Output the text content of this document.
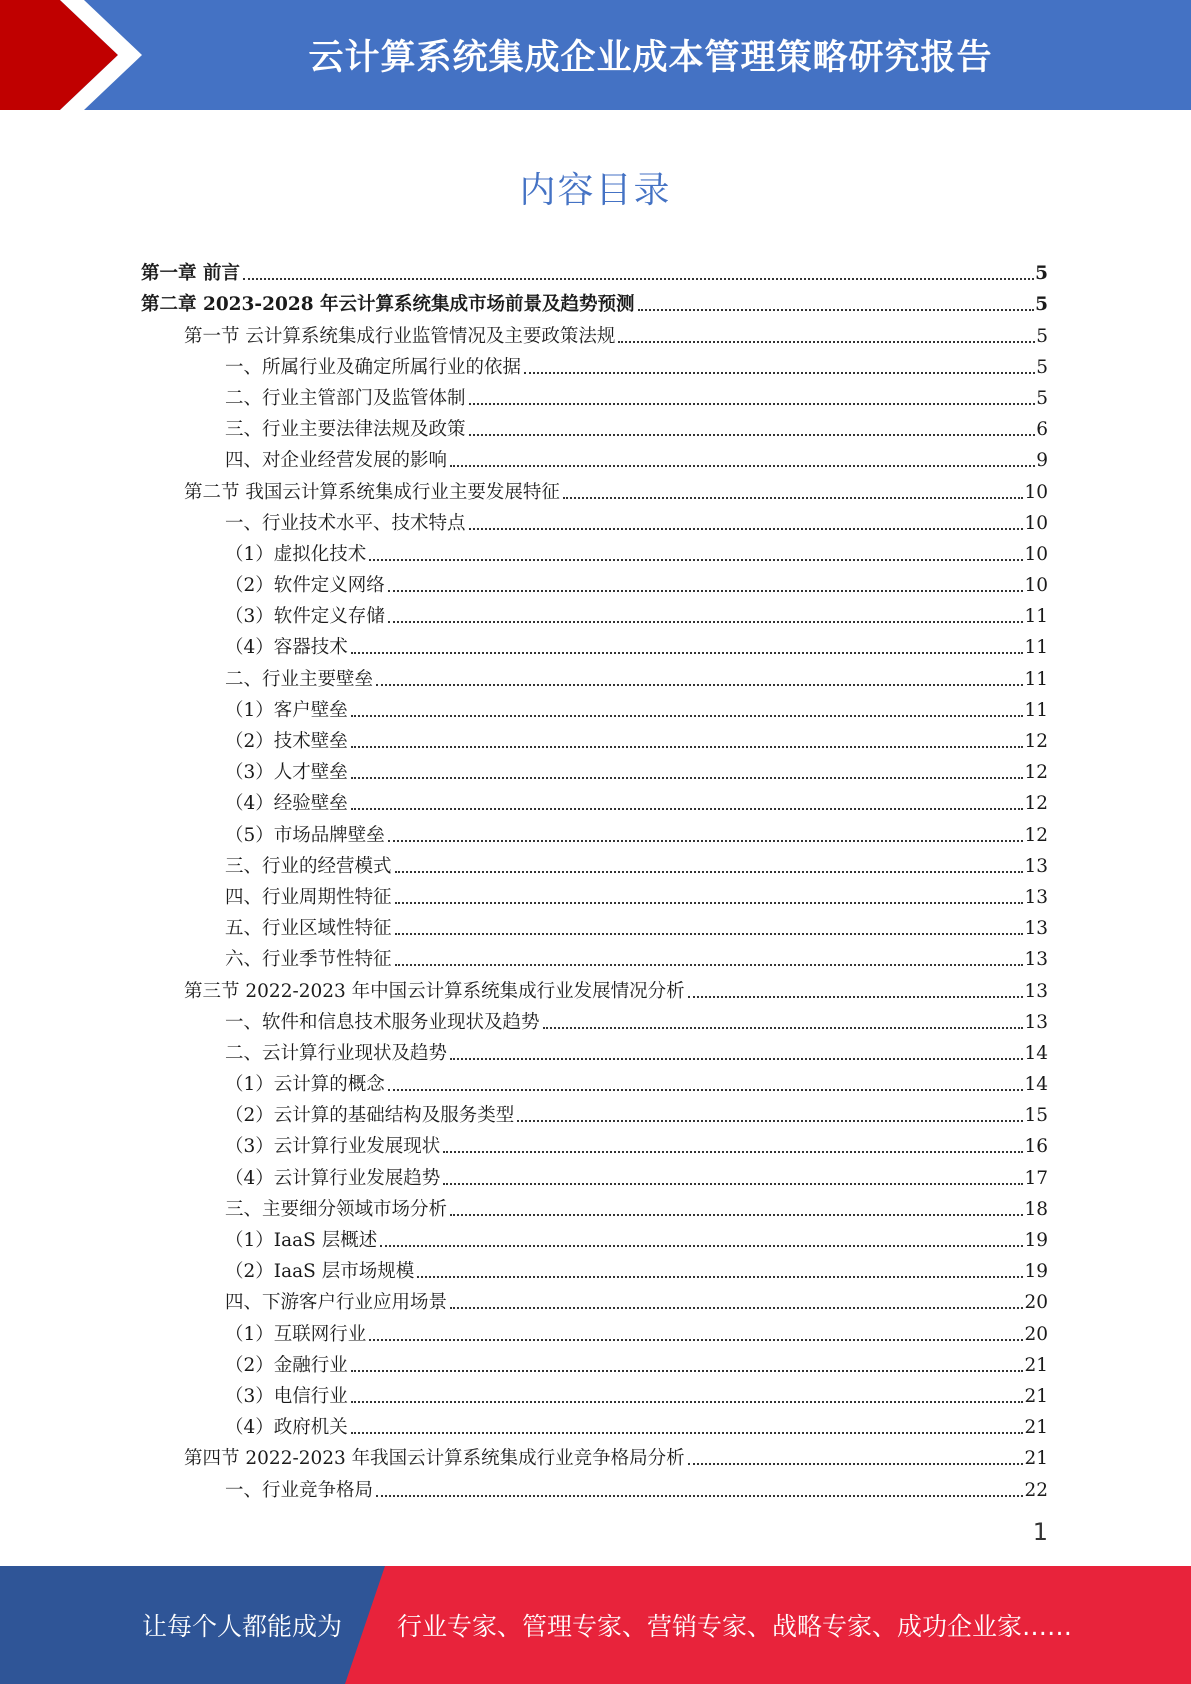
云计算系统集成企业成本管理策略研究报告
内容目录
第一章 前言	5
第二章 2023-2028 年云计算系统集成市场前景及趋势预测	5
第一节 云计算系统集成行业监管情况及主要政策法规	5
一、所属行业及确定所属行业的依据	5
二、行业主管部门及监管体制	5
三、行业主要法律法规及政策	6
四、对企业经营发展的影响	9
第二节 我国云计算系统集成行业主要发展特征	10
一、行业技术水平、技术特点	10
（1）虚拟化技术	10
（2）软件定义网络	10
（3）软件定义存储	11
（4）容器技术	11
二、行业主要壁垒	11
（1）客户壁垒	11
（2）技术壁垒	12
（3）人才壁垒	12
（4）经验壁垒	12
（5）市场品牌壁垒	12
三、行业的经营模式	13
四、行业周期性特征	13
五、行业区域性特征	13
六、行业季节性特征	13
第三节 2022-2023 年中国云计算系统集成行业发展情况分析	13
一、软件和信息技术服务业现状及趋势	13
二、云计算行业现状及趋势	14
（1）云计算的概念	14
（2）云计算的基础结构及服务类型	15
（3）云计算行业发展现状	16
（4）云计算行业发展趋势	17
三、主要细分领域市场分析	18
（1）IaaS 层概述	19
（2）IaaS 层市场规模	19
四、下游客户行业应用场景	20
（1）互联网行业	20
（2）金融行业	21
（3）电信行业	21
（4）政府机关	21
第四节 2022-2023 年我国云计算系统集成行业竞争格局分析	21
一、行业竞争格局	22
1
让每个人都能成为 行业专家、管理专家、营销专家、战略专家、成功企业家……
